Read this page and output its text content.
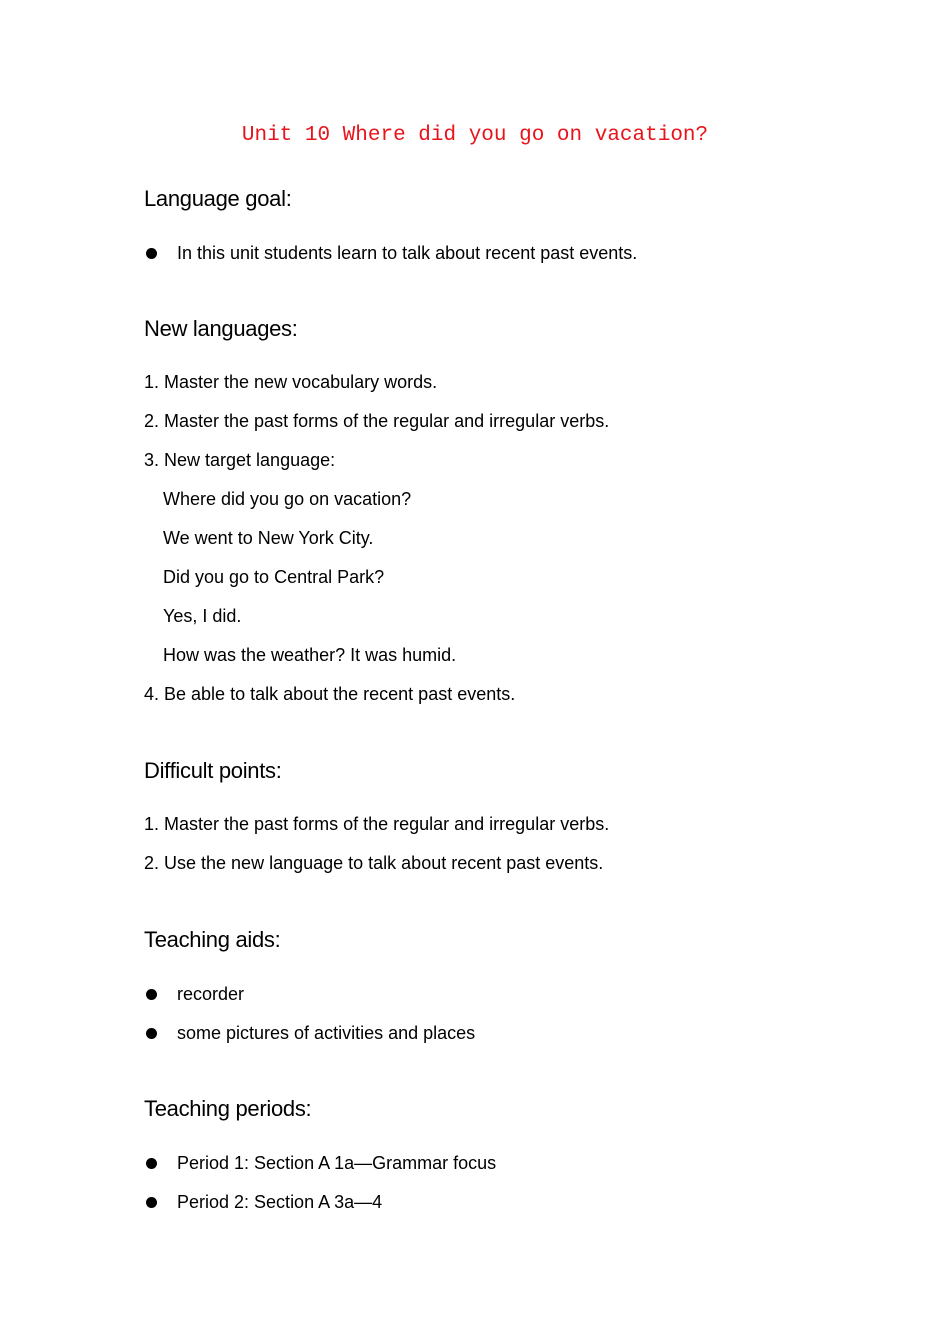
Unit 10 Where did you go on vacation?
Language goal:
In this unit students learn to talk about recent past events.
New languages:

1. Master the new vocabulary words.

2. Master the past forms of the regular and irregular verbs.

3. New target language:

Where did you go on vacation?

We went to New York City.

Did you go to Central Park?

Yes, I did.

How was the weather? It was humid.

4. Be able to talk about the recent past events.

Difficult points:

1. Master the past forms of the regular and irregular verbs.

2. Use the new language to talk about recent past events.

Teaching aids:
recorder
some pictures of activities and places
Teaching periods:
Period 1: Section A 1a—Grammar focus
Period 2: Section A 3a—4
